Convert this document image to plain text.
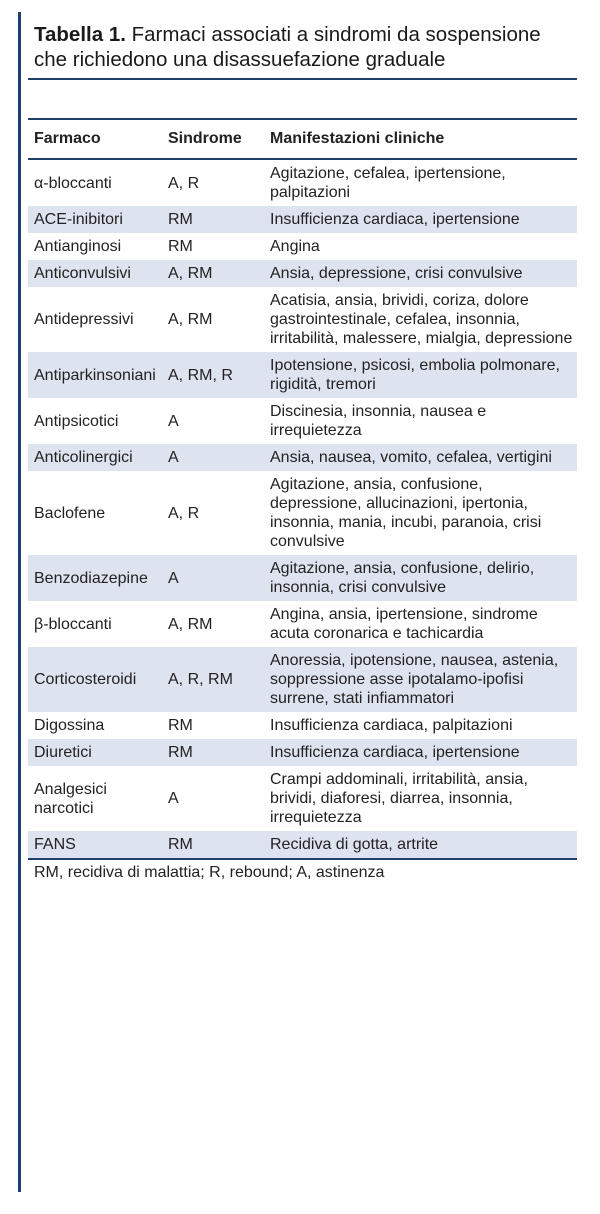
Tabella 1. Farmaci associati a sindromi da sospensione
che richiedono una disassuefazione graduale
Farmaco	Sindrome	Manifestazioni cliniche
α-bloccanti	A, R	Agitazione, cefalea, ipertensione, palpitazioni
ACE-inibitori	RM	Insufficienza cardiaca, ipertensione
Antianginosi	RM	Angina
Anticonvulsivi	A, RM	Ansia, depressione, crisi convulsive
Antidepressivi	A, RM	Acatisia, ansia, brividi, coriza, dolore gastrointestinale, cefalea, insonnia, irritabilità, malessere, mialgia, depressione
Antiparkinsoniani	A, RM, R	Ipotensione, psicosi, embolia polmonare, rigidità, tremori
Antipsicotici	A	Discinesia, insonnia, nausea e irrequietezza
Anticolinergici	A	Ansia, nausea, vomito, cefalea, vertigini
Baclofene	A, R	Agitazione, ansia, confusione, depressione, allucinazioni, ipertonia, insonnia, mania, incubi, paranoia, crisi convulsive
Benzodiazepine	A	Agitazione, ansia, confusione, delirio, insonnia, crisi convulsive
β-bloccanti	A, RM	Angina, ansia, ipertensione, sindrome acuta coronarica e tachicardia
Corticosteroidi	A, R, RM	Anoressia, ipotensione, nausea, astenia, soppressione asse ipotalamo-ipofisi surrene, stati infiammatori
Digossina	RM	Insufficienza cardiaca, palpitazioni
Diuretici	RM	Insufficienza cardiaca, ipertensione
Analgesici narcotici	A	Crampi addominali, irritabilità, ansia, brividi, diaforesi, diarrea, insonnia, irrequietezza
FANS	RM	Recidiva di gotta, artrite
RM, recidiva di malattia; R, rebound; A, astinenza
